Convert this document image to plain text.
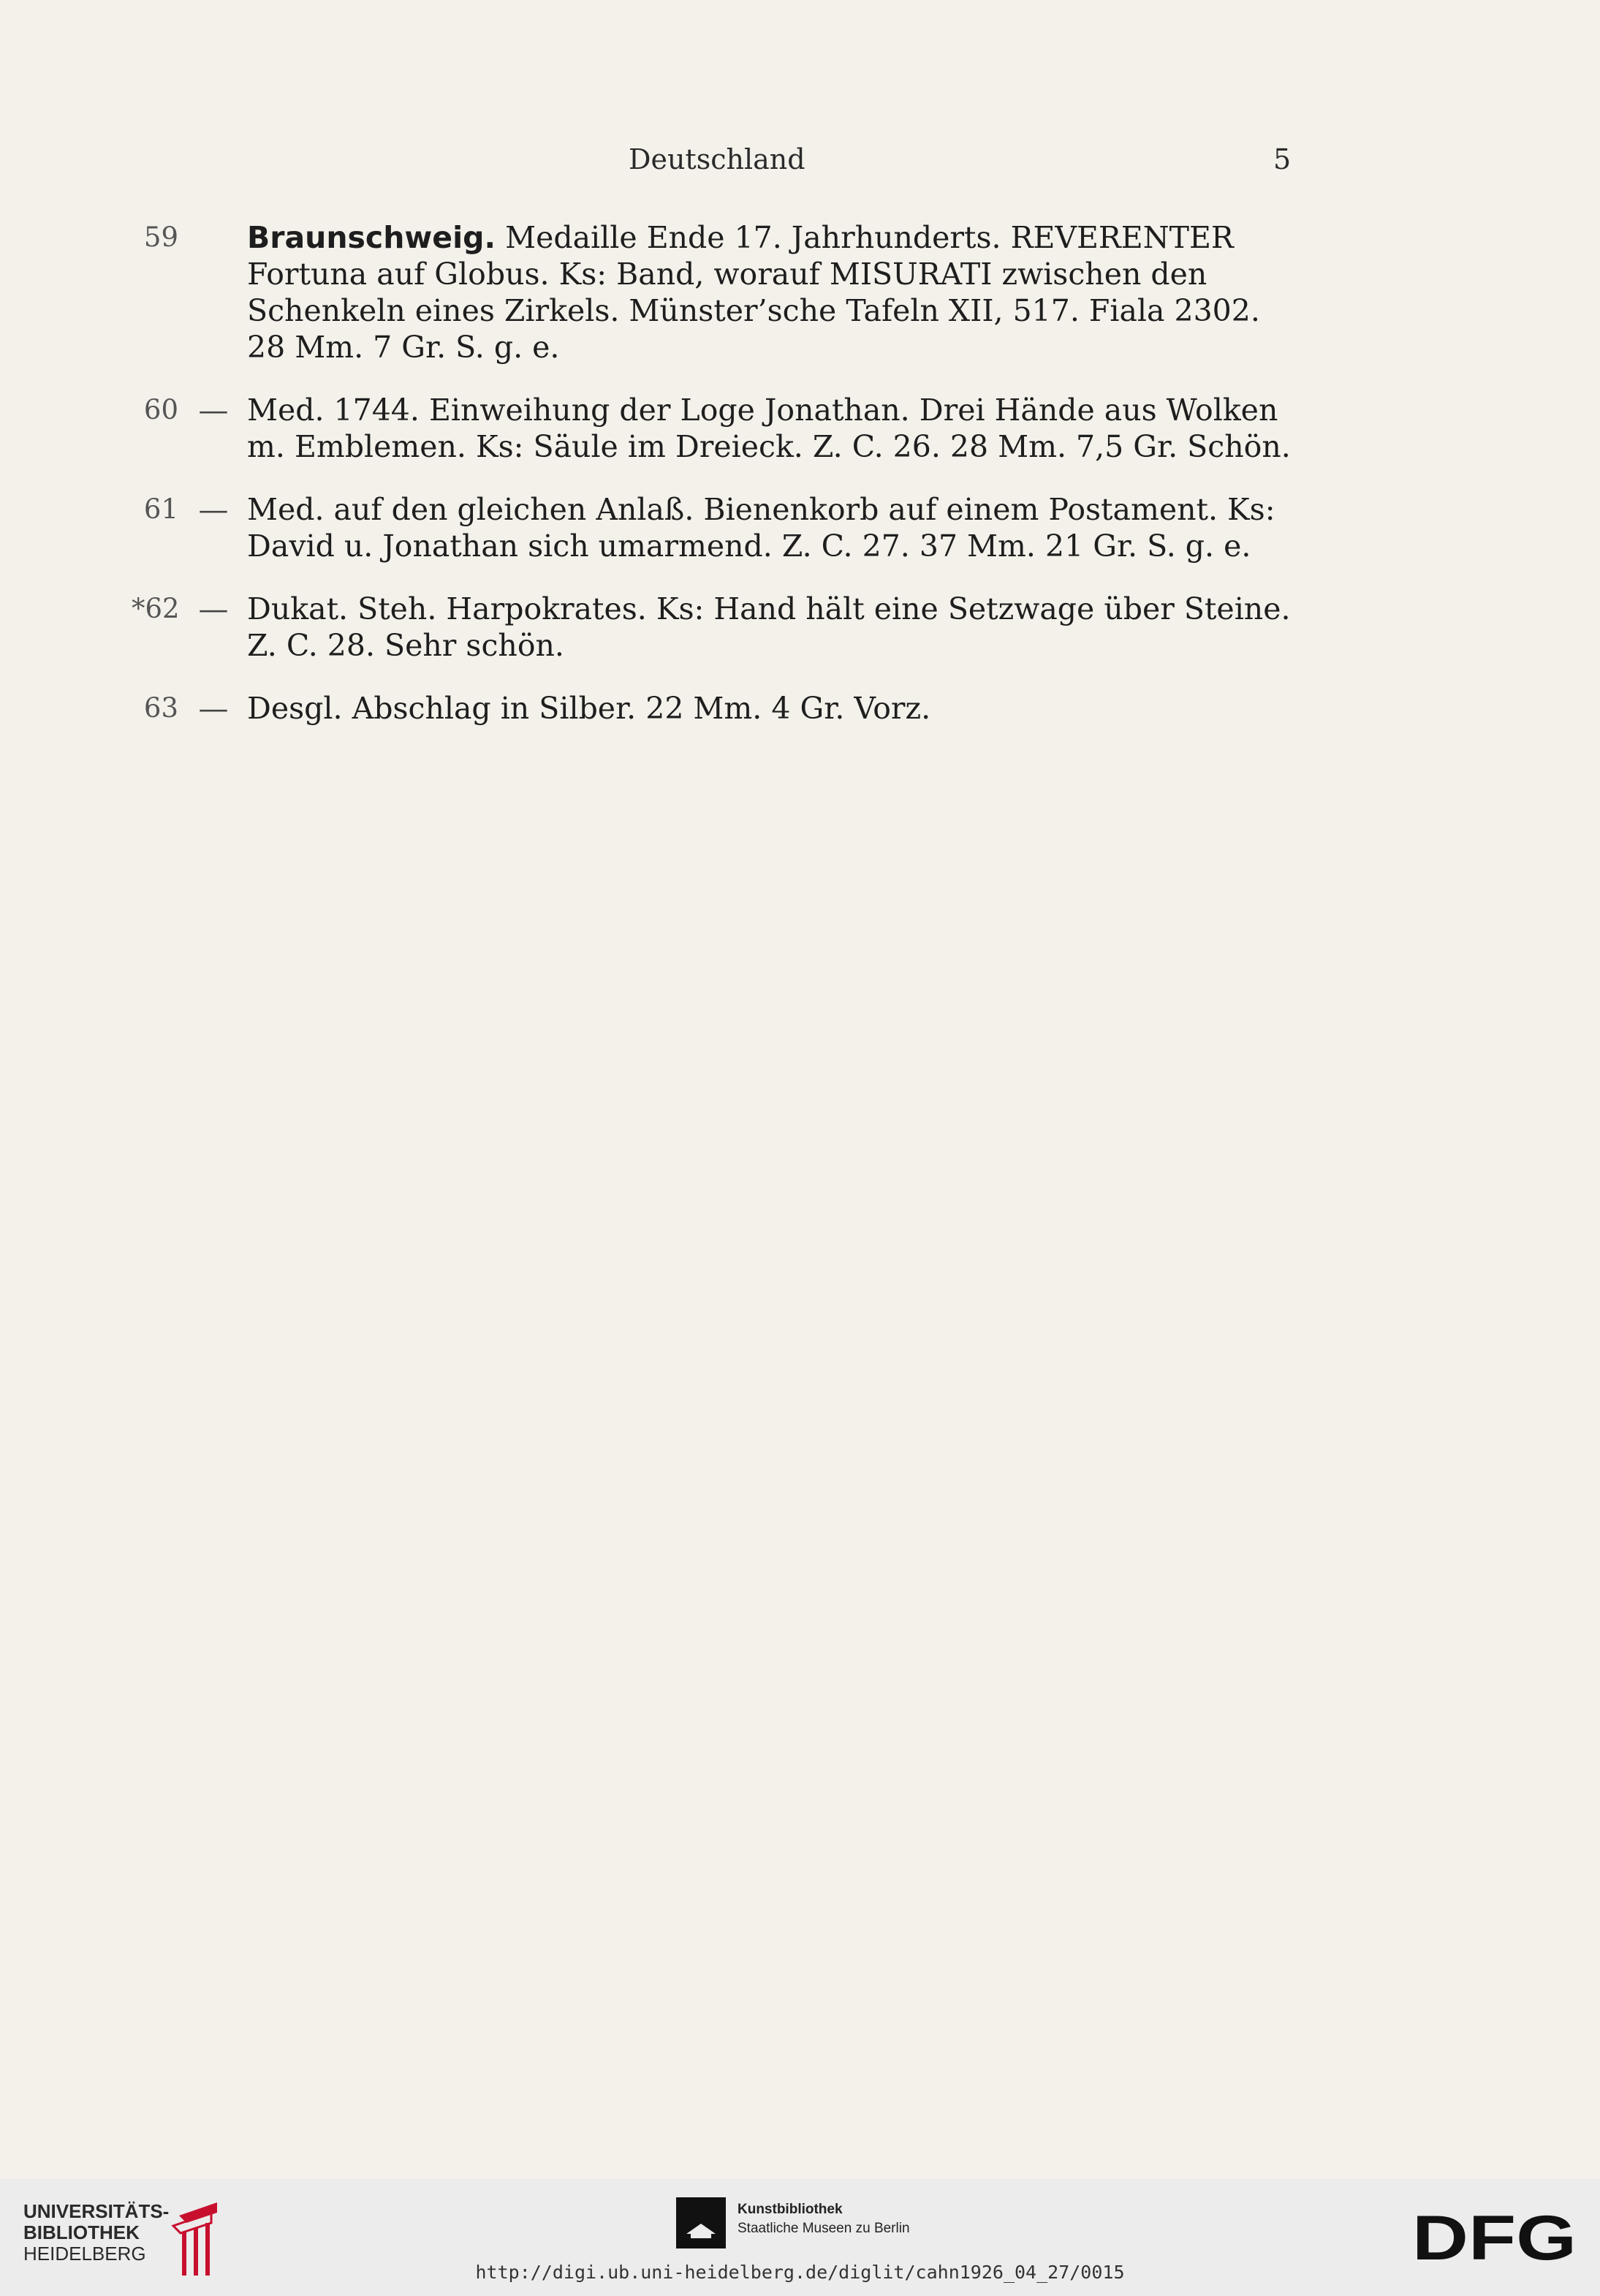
Deutschland	5
59 Braunschweig. Medaille Ende 17. Jahrhunderts. REVERENTER Fortuna auf Globus. Ks: Band, worauf MISURATI zwischen den Schenkeln eines Zirkels. Münster’sche Tafeln XII, 517. Fiala 2302. 28 Mm. 7 Gr. S. g. e.
60 — Med. 1744. Einweihung der Loge Jonathan. Drei Hände aus Wolken m. Emblemen. Ks: Säule im Dreieck. Z. C. 26. 28 Mm. 7,5 Gr. Schön.
61 — Med. auf den gleichen Anlaß. Bienenkorb auf einem Postament. Ks: David u. Jonathan sich umarmend. Z. C. 27. 37 Mm. 21 Gr. S. g. e.
*62 — Dukat. Steh. Harpokrates. Ks: Hand hält eine Setzwage über Steine. Z. C. 28. Sehr schön.
63 — Desgl. Abschlag in Silber. 22 Mm. 4 Gr. Vorz.
UNIVERSITÄTS-
BIBLIOTHEK
HEIDELBERG
Kunstbibliothek
Staatliche Museen zu Berlin	DFG
http://digi.ub.uni-heidelberg.de/diglit/cahn1926_04_27/0015
